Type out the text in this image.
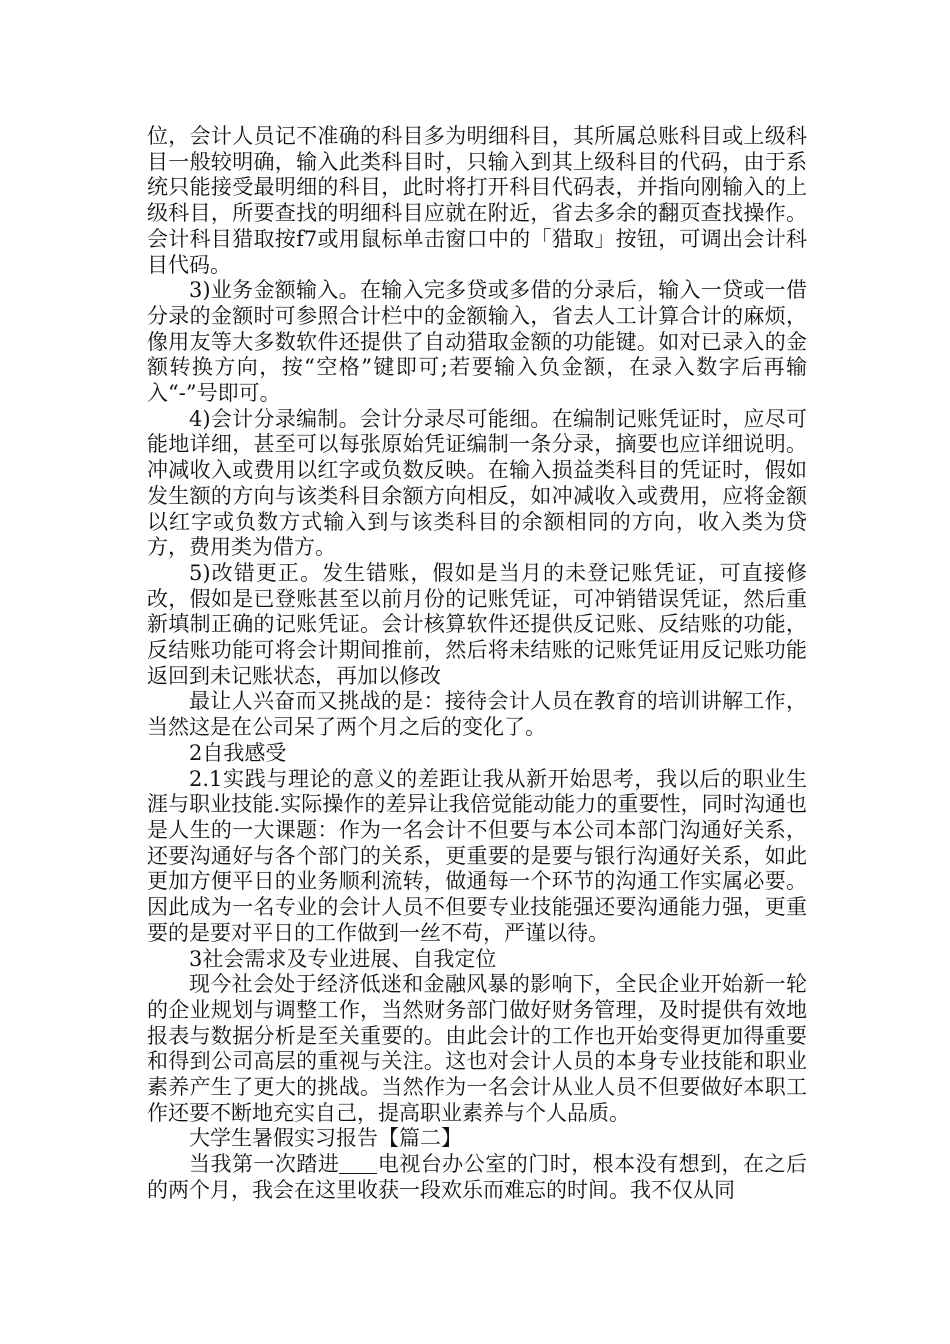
位，会计人员记不准确的科目多为明细科目，其所属总账科目或上级科目一般较明确，输入此类科目时，只输入到其上级科目的代码，由于系统只能接受最明细的科目，此时将打开科目代码表，并指向刚输入的上级科目，所要查找的明细科目应就在附近，省去多余的翻页查找操作。会计科目猎取按f7或用鼠标单击窗口中的「猎取」按钮，可调出会计科目代码。

3)业务金额输入。在输入完多贷或多借的分录后，输入一贷或一借分录的金额时可参照合计栏中的金额输入，省去人工计算合计的麻烦，像用友等大多数软件还提供了自动猎取金额的功能键。如对已录入的金额转换方向，按“空格”键即可;若要输入负金额，在录入数字后再输入“-”号即可。

4)会计分录编制。会计分录尽可能细。在编制记账凭证时，应尽可能地详细，甚至可以每张原始凭证编制一条分录，摘要也应详细说明。冲减收入或费用以红字或负数反映。在输入损益类科目的凭证时，假如发生额的方向与该类科目余额方向相反，如冲减收入或费用，应将金额以红字或负数方式输入到与该类科目的余额相同的方向，收入类为贷方，费用类为借方。

5)改错更正。发生错账，假如是当月的未登记账凭证，可直接修改，假如是已登账甚至以前月份的记账凭证，可冲销错误凭证，然后重新填制正确的记账凭证。会计核算软件还提供反记账、反结账的功能，反结账功能可将会计期间推前，然后将未结账的记账凭证用反记账功能返回到未记账状态，再加以修改

最让人兴奋而又挑战的是：接待会计人员在教育的培训讲解工作，当然这是在公司呆了两个月之后的变化了。

2自我感受

2.1实践与理论的意义的差距让我从新开始思考，我以后的职业生涯与职业技能.实际操作的差异让我倍觉能动能力的重要性，同时沟通也是人生的一大课题：作为一名会计不但要与本公司本部门沟通好关系，还要沟通好与各个部门的关系，更重要的是要与银行沟通好关系，如此更加方便平日的业务顺利流转，做通每一个环节的沟通工作实属必要。因此成为一名专业的会计人员不但要专业技能强还要沟通能力强，更重要的是要对平日的工作做到一丝不苟，严谨以待。

3社会需求及专业进展、自我定位

现今社会处于经济低迷和金融风暴的影响下，全民企业开始新一轮的企业规划与调整工作，当然财务部门做好财务管理，及时提供有效地报表与数据分析是至关重要的。由此会计的工作也开始变得更加得重要和得到公司高层的重视与关注。这也对会计人员的本身专业技能和职业素养产生了更大的挑战。当然作为一名会计从业人员不但要做好本职工作还要不断地充实自己，提高职业素养与个人品质。

大学生暑假实习报告【篇二】

当我第一次踏进 电视台办公室的门时，根本没有想到，在之后的两个月，我会在这里收获一段欢乐而难忘的时间。我不仅从同
